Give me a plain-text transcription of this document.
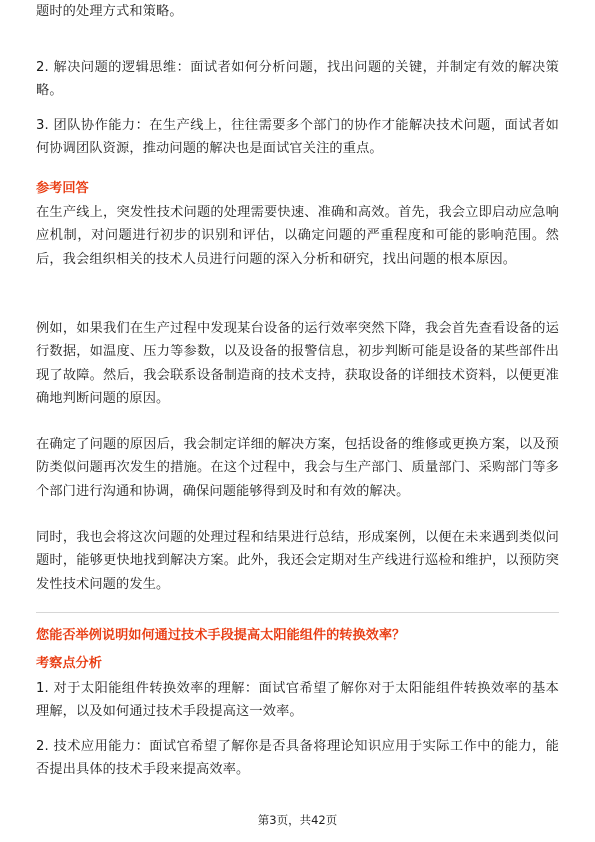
题时的处理方式和策略。

2. 解决问题的逻辑思维：面试者如何分析问题，找出问题的关键，并制定有效的解决策略。

3. 团队协作能力：在生产线上，往往需要多个部门的协作才能解决技术问题，面试者如何协调团队资源，推动问题的解决也是面试官关注的重点。

参考回答

在生产线上，突发性技术问题的处理需要快速、准确和高效。首先，我会立即启动应急响应机制，对问题进行初步的识别和评估，以确定问题的严重程度和可能的影响范围。然后，我会组织相关的技术人员进行问题的深入分析和研究，找出问题的根本原因。

例如，如果我们在生产过程中发现某台设备的运行效率突然下降，我会首先查看设备的运行数据，如温度、压力等参数，以及设备的报警信息，初步判断可能是设备的某些部件出现了故障。然后，我会联系设备制造商的技术支持，获取设备的详细技术资料，以便更准确地判断问题的原因。

在确定了问题的原因后，我会制定详细的解决方案，包括设备的维修或更换方案，以及预防类似问题再次发生的措施。在这个过程中，我会与生产部门、质量部门、采购部门等多个部门进行沟通和协调，确保问题能够得到及时和有效的解决。

同时，我也会将这次问题的处理过程和结果进行总结，形成案例，以便在未来遇到类似问题时，能够更快地找到解决方案。此外，我还会定期对生产线进行巡检和维护，以预防突发性技术问题的发生。

您能否举例说明如何通过技术手段提高太阳能组件的转换效率？

考察点分析

1. 对于太阳能组件转换效率的理解：面试官希望了解你对于太阳能组件转换效率的基本理解，以及如何通过技术手段提高这一效率。

2. 技术应用能力：面试官希望了解你是否具备将理论知识应用于实际工作中的能力，能否提出具体的技术手段来提高效率。

第3页，共42页
